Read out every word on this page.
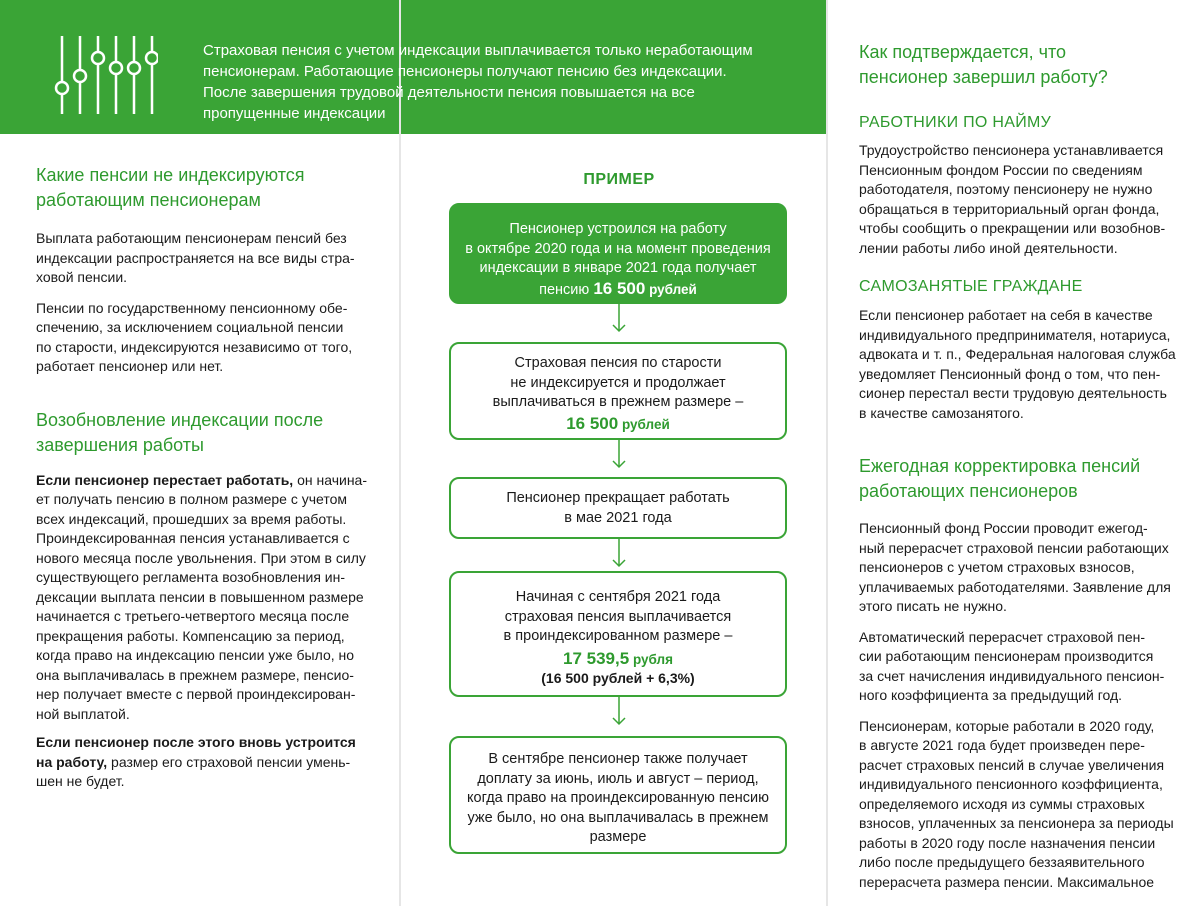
Страховая пенсия с учетом индексации выплачивается только неработающим
пенсионерам. Работающие пенсионеры получают пенсию без индексации.
После завершения трудовой деятельности пенсия повышается на все
пропущенные индексации
Какие пенсии не индексируются
работающим пенсионерам
Выплата работающим пенсионерам пенсий без
индексации распространяется на все виды стра-
ховой пенсии.
Пенсии по государственному пенсионному обе-
спечению, за исключением социальной пенсии
по старости, индексируются независимо от того,
работает пенсионер или нет.
Возобновление индексации после
завершения работы
Если пенсионер перестает работать, он начина-
ет получать пенсию в полном размере с учетом
всех индексаций, прошедших за время работы.
Проиндексированная пенсия устанавливается с
нового месяца после увольнения. При этом в силу
существующего регламента возобновления ин-
дексации выплата пенсии в повышенном размере
начинается с третьего-четвертого месяца после
прекращения работы. Компенсацию за период,
когда право на индексацию пенсии уже было, но
она выплачивалась в прежнем размере, пенсио-
нер получает вместе с первой проиндексирован-
ной выплатой.
Если пенсионер после этого вновь устроится
на работу, размер его страховой пенсии умень-
шен не будет.
ПРИМЕР
Пенсионер устроился на работу
в октябре 2020 года и на момент проведения
индексации в январе 2021 года получает
пенсию 16 500 рублей
Страховая пенсия по старости
не индексируется и продолжает
выплачиваться в прежнем размере –
16 500 рублей
Пенсионер прекращает работать
в мае 2021 года
Начиная с сентября 2021 года
страховая пенсия выплачивается
в проиндексированном размере –
17 539,5 рубля
(16 500 рублей + 6,3%)
В сентябре пенсионер также получает
доплату за июнь, июль и август – период,
когда право на проиндексированную пенсию
уже было, но она выплачивалась в прежнем
размере
Как подтверждается, что
пенсионер завершил работу?
РАБОТНИКИ ПО НАЙМУ
Трудоустройство пенсионера устанавливается
Пенсионным фондом России по сведениям
работодателя, поэтому пенсионеру не нужно
обращаться в территориальный орган фонда,
чтобы сообщить о прекращении или возобнов-
лении работы либо иной деятельности.
САМОЗАНЯТЫЕ ГРАЖДАНЕ
Если пенсионер работает на себя в качестве
индивидуального предпринимателя, нотариуса,
адвоката и т. п., Федеральная налоговая служба
уведомляет Пенсионный фонд о том, что пен-
сионер перестал вести трудовую деятельность
в качестве самозанятого.
Ежегодная корректировка пенсий
работающих пенсионеров
Пенсионный фонд России проводит ежегод-
ный перерасчет страховой пенсии работающих
пенсионеров с учетом страховых взносов,
уплачиваемых работодателями. Заявление для
этого писать не нужно.
Автоматический перерасчет страховой пен-
сии работающим пенсионерам производится
за счет начисления индивидуального пенсион-
ного коэффициента за предыдущий год.
Пенсионерам, которые работали в 2020 году,
в августе 2021 года будет произведен пере-
расчет страховых пенсий в случае увеличения
индивидуального пенсионного коэффициента,
определяемого исходя из суммы страховых
взносов, уплаченных за пенсионера за периоды
работы в 2020 году после назначения пенсии
либо после предыдущего беззаявительного
перерасчета размера пенсии. Максимальное
